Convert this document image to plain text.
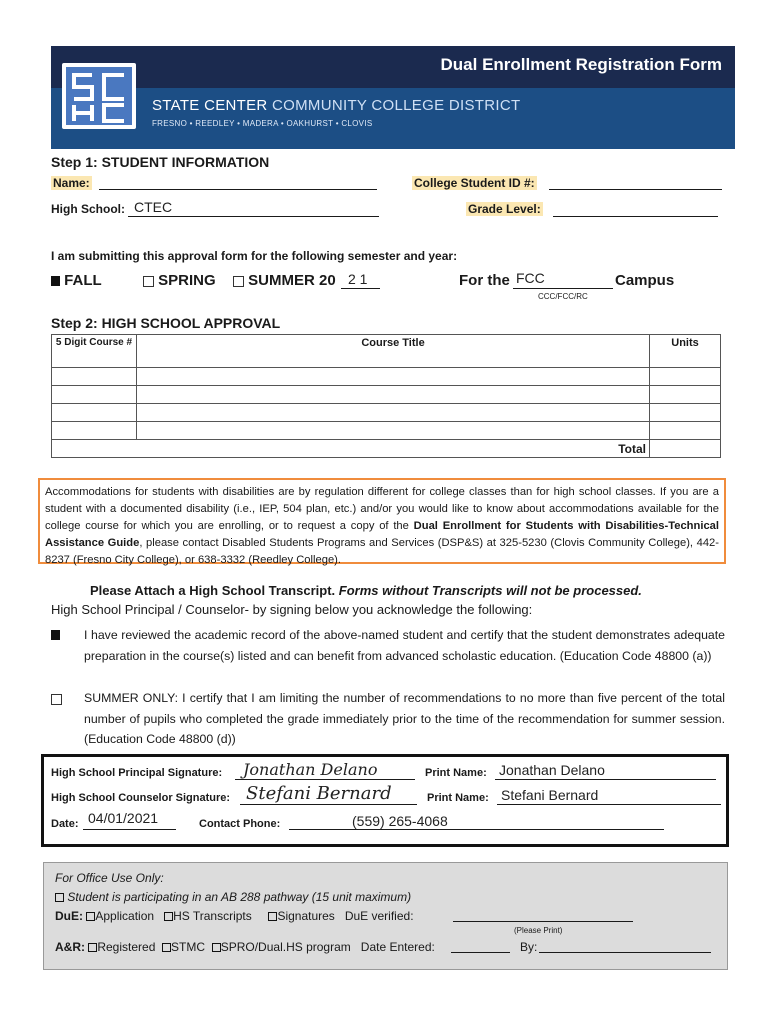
Dual Enrollment Registration Form
STATE CENTER COMMUNITY COLLEGE DISTRICT
FRESNO • REEDLEY • MADERA • OAKHURST • CLOVIS
Step 1: STUDENT INFORMATION
Name:	College Student ID #:
High School: CTEC	Grade Level:
I am submitting this approval form for the following semester and year:
FALL	SPRING	SUMMER 20 2 1	For the FCC	Campus
CCC/FCC/RC
Step 2: HIGH SCHOOL APPROVAL
5 Digit Course #	Course Title	Units

Total		
Accommodations for students with disabilities are by regulation different for college classes than for high school classes. If you are a student with a documented disability (i.e., IEP, 504 plan, etc.) and/or you would like to know about accommodations available for the college course for which you are enrolling, or to request a copy of the Dual Enrollment for Students with Disabilities-Technical Assistance Guide, please contact Disabled Students Programs and Services (DSP&S) at 325-5230 (Clovis Community College), 442-8237 (Fresno City College), or 638-3332 (Reedley College).
Please Attach a High School Transcript. Forms without Transcripts will not be processed.
High School Principal / Counselor- by signing below you acknowledge the following:
I have reviewed the academic record of the above-named student and certify that the student demonstrates adequate preparation in the course(s) listed and can benefit from advanced scholastic education. (Education Code 48800 (a))
SUMMER ONLY: I certify that I am limiting the number of recommendations to no more than five percent of the total number of pupils who completed the grade immediately prior to the time of the recommendation for summer session. (Education Code 48800 (d))
High School Principal Signature: Jonathan Delano	Print Name: Jonathan Delano
High School Counselor Signature: Stefani Bernard	Print Name: Stefani Bernard
Date: 04/01/2021	Contact Phone:	(559) 265-4068
For Office Use Only:
Student is participating in an AB 288 pathway (15 unit maximum)
DuE: Application HS Transcripts Signatures DuE verified:
(Please Print)
A&R: Registered STMC SPRO/Dual.HS program Date Entered:	By:
